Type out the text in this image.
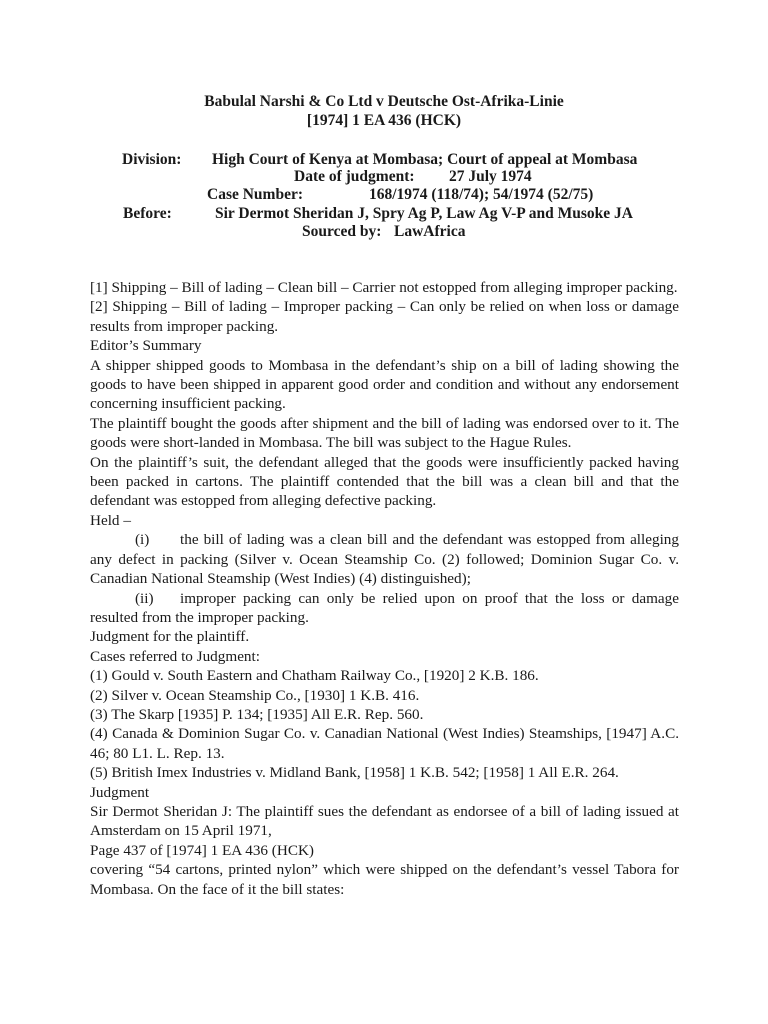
Babulal Narshi & Co Ltd v Deutsche Ost-Afrika-Linie
[1974] 1 EA 436 (HCK)
Division: High Court of Kenya at Mombasa; Court of appeal at Mombasa
Date of judgment: 27 July 1974
Case Number:	168/1974 (118/74); 54/1974 (52/75)
Before:	Sir Dermot Sheridan J, Spry Ag P, Law Ag V-P and Musoke JA
Sourced by: LawAfrica

[1] Shipping – Bill of lading – Clean bill – Carrier not estopped from alleging improper packing.

[2] Shipping – Bill of lading – Improper packing – Can only be relied on when loss or damage results from improper packing.

Editor’s Summary

A shipper shipped goods to Mombasa in the defendant’s ship on a bill of lading showing the goods to have been shipped in apparent good order and condition and without any endorsement concerning insufficient packing.

The plaintiff bought the goods after shipment and the bill of lading was endorsed over to it. The goods were short-landed in Mombasa. The bill was subject to the Hague Rules.

On the plaintiff’s suit, the defendant alleged that the goods were insufficiently packed having been packed in cartons. The plaintiff contended that the bill was a clean bill and that the defendant was estopped from alleging defective packing.

Held –

(i) the bill of lading was a clean bill and the defendant was estopped from alleging any defect in packing (Silver v. Ocean Steamship Co. (2) followed; Dominion Sugar Co. v. Canadian National Steamship (West Indies) (4) distinguished);

(ii) improper packing can only be relied upon on proof that the loss or damage resulted from the improper packing.

Judgment for the plaintiff.

Cases referred to Judgment:

(1) Gould v. South Eastern and Chatham Railway Co., [1920] 2 K.B. 186.

(2) Silver v. Ocean Steamship Co., [1930] 1 K.B. 416.

(3) The Skarp [1935] P. 134; [1935] All E.R. Rep. 560.

(4) Canada & Dominion Sugar Co. v. Canadian National (West Indies) Steamships, [1947] A.C. 46; 80 L1. L. Rep. 13.

(5) British Imex Industries v. Midland Bank, [1958] 1 K.B. 542; [1958] 1 All E.R. 264.

Judgment

Sir Dermot Sheridan J: The plaintiff sues the defendant as endorsee of a bill of lading issued at Amsterdam on 15 April 1971,

Page 437 of [1974] 1 EA 436 (HCK)

covering “54 cartons, printed nylon” which were shipped on the defendant’s vessel Tabora for Mombasa. On the face of it the bill states:
